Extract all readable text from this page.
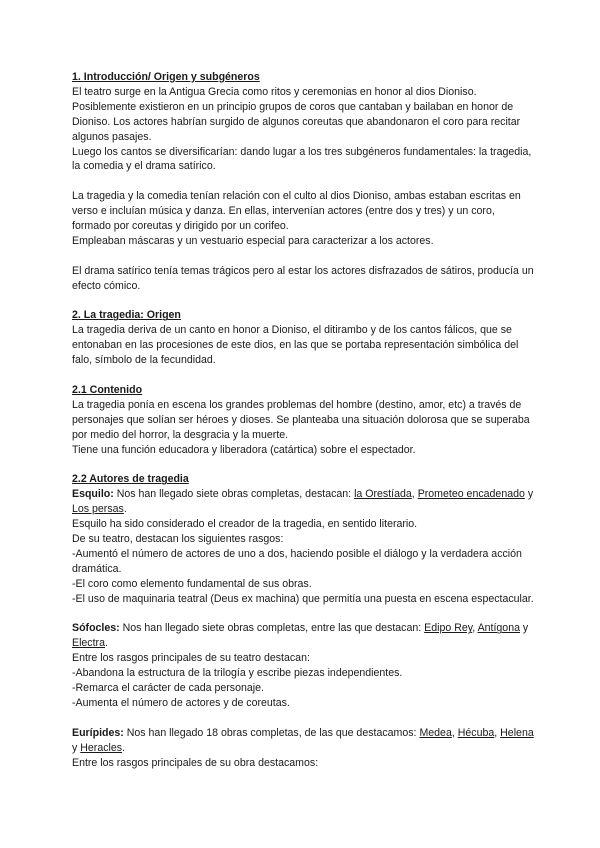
1. Introducción/ Origen y subgéneros

El teatro surge en la Antigua Grecia como ritos y ceremonias en honor al dios Dioniso. Posiblemente existieron en un principio grupos de coros que cantaban y bailaban en honor de Dioniso. Los actores habrían surgido de algunos coreutas que abandonaron el coro para recitar algunos pasajes.

Luego los cantos se diversificarían: dando lugar a los tres subgéneros fundamentales: la tragedia, la comedia y el drama satírico.

La tragedia y la comedia tenían relación con el culto al dios Dioniso, ambas estaban escritas en verso e incluían música y danza. En ellas, intervenían actores (entre dos y tres) y un coro, formado por coreutas y dirigido por un corifeo.

Empleaban máscaras y un vestuario especial para caracterizar a los actores.

El drama satírico tenía temas trágicos pero al estar los actores disfrazados de sátiros, producía un efecto cómico.

2. La tragedia: Origen

La tragedia deriva de un canto en honor a Dioniso, el ditirambo y de los cantos fálicos, que se entonaban en las procesiones de este dios, en las que se portaba representación simbólica del falo, símbolo de la fecundidad.

2.1 Contenido

La tragedia ponía en escena los grandes problemas del hombre (destino, amor, etc) a través de personajes que solían ser héroes y dioses. Se planteaba una situación dolorosa que se superaba por medio del horror, la desgracia y la muerte.

Tiene una función educadora y liberadora (catártica) sobre el espectador.

2.2 Autores de tragedia

Esquilo: Nos han llegado siete obras completas, destacan: la Orestíada, Prometeo encadenado y Los persas.

Esquilo ha sido considerado el creador de la tragedia, en sentido literario.

De su teatro, destacan los siguientes rasgos:

-Aumentó el número de actores de uno a dos, haciendo posible el diálogo y la verdadera acción dramática.

-El coro como elemento fundamental de sus obras.

-El uso de maquinaria teatral (Deus ex machina) que permitía una puesta en escena espectacular.

Sófocles: Nos han llegado siete obras completas, entre las que destacan: Edipo Rey, Antígona y Electra.

Entre los rasgos principales de su teatro destacan:

-Abandona la estructura de la trilogía y escribe piezas independientes.

-Remarca el carácter de cada personaje.

-Aumenta el número de actores y de coreutas.

Eurípides: Nos han llegado 18 obras completas, de las que destacamos: Medea, Hécuba, Helena y Heracles.

Entre los rasgos principales de su obra destacamos:
